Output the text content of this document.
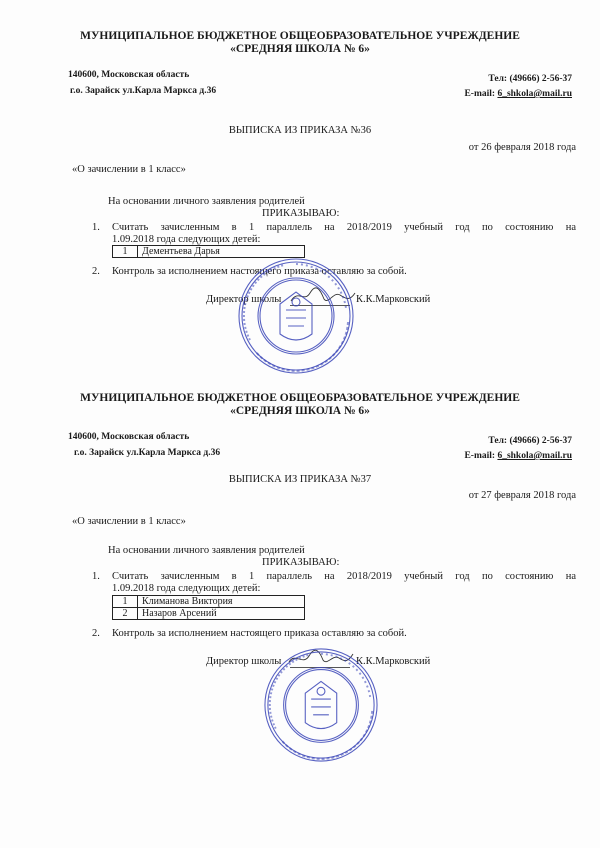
МУНИЦИПАЛЬНОЕ БЮДЖЕТНОЕ ОБЩЕОБРАЗОВАТЕЛЬНОЕ УЧРЕЖДЕНИЕ
«СРЕДНЯЯ ШКОЛА № 6»
140600, Московская область
г.о. Зарайск ул.Карла Маркса д.36
Тел: (49666) 2-56-37
E-mail: 6_shkola@mail.ru
ВЫПИСКА ИЗ ПРИКАЗА №36
от 26 февраля 2018 года
«О зачислении в 1 класс»
На основании личного заявления родителей
ПРИКАЗЫВАЮ:
1. Считать зачисленным в 1 параллель на 2018/2019 учебный год по состоянию на
1.09.2018 года следующих детей:
1	Дементьева Дарья
2. Контроль за исполнением настоящего приказа оставляю за собой.
Директор школы	К.К.Марковский
МУНИЦИПАЛЬНОЕ БЮДЖЕТНОЕ ОБЩЕОБРАЗОВАТЕЛЬНОЕ УЧРЕЖДЕНИЕ
«СРЕДНЯЯ ШКОЛА № 6»
140600, Московская область
г.о. Зарайск ул.Карла Маркса д.36
Тел: (49666) 2-56-37
E-mail: 6_shkola@mail.ru
ВЫПИСКА ИЗ ПРИКАЗА №37
от 27 февраля 2018 года
«О зачислении в 1 класс»
На основании личного заявления родителей
ПРИКАЗЫВАЮ:
1. Считать зачисленным в 1 параллель на 2018/2019 учебный год по состоянию на
1.09.2018 года следующих детей:
1	Климанова Виктория
2	Назаров Арсений
2. Контроль за исполнением настоящего приказа оставляю за собой.
Директор школы	К.К.Марковский
